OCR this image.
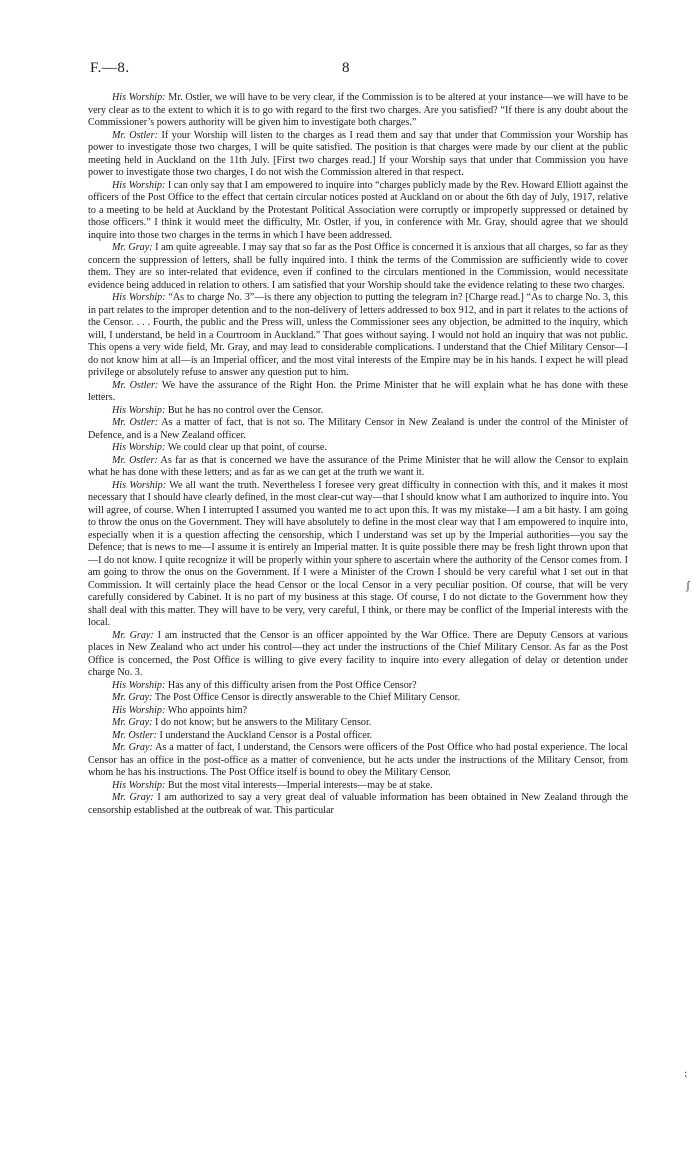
F.—8.	8

His Worship: Mr. Ostler, we will have to be very clear, if the Commission is to be altered at your instance—we will have to be very clear as to the extent to which it is to go with regard to the first two charges. Are you satisfied? “If there is any doubt about the Commissioner’s powers authority will be given him to investigate both charges.”

Mr. Ostler: If your Worship will listen to the charges as I read them and say that under that Commission your Worship has power to investigate those two charges, I will be quite satisfied. The position is that charges were made by our client at the public meeting held in Auckland on the 11th July. [First two charges read.] If your Worship says that under that Commission you have power to investigate those two charges, I do not wish the Commission altered in that respect.

His Worship: I can only say that I am empowered to inquire into “charges publicly made by the Rev. Howard Elliott against the officers of the Post Office to the effect that certain circular notices posted at Auckland on or about the 6th day of July, 1917, relative to a meeting to be held at Auckland by the Protestant Political Association were corruptly or improperly suppressed or detained by those officers.” I think it would meet the difficulty, Mr. Ostler, if you, in conference with Mr. Gray, should agree that we should inquire into those two charges in the terms in which I have been addressed.

Mr. Gray: I am quite agreeable. I may say that so far as the Post Office is concerned it is anxious that all charges, so far as they concern the suppression of letters, shall be fully inquired into. I think the terms of the Commission are sufficiently wide to cover them. They are so inter-related that evidence, even if confined to the circulars mentioned in the Commission, would necessitate evidence being adduced in relation to others. I am satisfied that your Worship should take the evidence relating to these two charges.

His Worship: “As to charge No. 3”—is there any objection to putting the telegram in? [Charge read.] “As to charge No. 3, this in part relates to the improper detention and to the non-delivery of letters addressed to box 912, and in part it relates to the actions of the Censor. . . . Fourth, the public and the Press will, unless the Commissioner sees any objection, be admitted to the inquiry, which will, I understand, be held in a Courtroom in Auckland.” That goes without saying. I would not hold an inquiry that was not public. This opens a very wide field, Mr. Gray, and may lead to considerable complications. I understand that the Chief Military Censor—I do not know him at all—is an Imperial officer, and the most vital interests of the Empire may be in his hands. I expect he will plead privilege or absolutely refuse to answer any question put to him.

Mr. Ostler: We have the assurance of the Right Hon. the Prime Minister that he will explain what he has done with these letters.

His Worship: But he has no control over the Censor.

Mr. Ostler: As a matter of fact, that is not so. The Military Censor in New Zealand is under the control of the Minister of Defence, and is a New Zealand officer.

His Worship: We could clear up that point, of course.

Mr. Ostler: As far as that is concerned we have the assurance of the Prime Minister that he will allow the Censor to explain what he has done with these letters; and as far as we can get at the truth we want it.

His Worship: We all want the truth. Nevertheless I foresee very great difficulty in connection with this, and it makes it most necessary that I should have clearly defined, in the most clear-cut way—that I should know what I am authorized to inquire into. You will agree, of course. When I interrupted I assumed you wanted me to act upon this. It was my mistake—I am a bit hasty. I am going to throw the onus on the Government. They will have absolutely to define in the most clear way that I am empowered to inquire into, especially when it is a question affecting the censorship, which I understand was set up by the Imperial authorities—you say the Defence; that is news to me—I assume it is entirely an Imperial matter. It is quite possible there may be fresh light thrown upon that—I do not know. I quite recognize it will be properly within your sphere to ascertain where the authority of the Censor comes from. I am going to throw the onus on the Government. If I were a Minister of the Crown I should be very careful what I set out in that Commission. It will certainly place the head Censor or the local Censor in a very peculiar position. Of course, that will be very carefully considered by Cabinet. It is no part of my business at this stage. Of course, I do not dictate to the Government how they shall deal with this matter. They will have to be very, very careful, I think, or there may be conflict of the Imperial interests with the local.

Mr. Gray: I am instructed that the Censor is an officer appointed by the War Office. There are Deputy Censors at various places in New Zealand who act under his control—they act under the instructions of the Chief Military Censor. As far as the Post Office is concerned, the Post Office is willing to give every facility to inquire into every allegation of delay or detention under charge No. 3.

His Worship: Has any of this difficulty arisen from the Post Office Censor?

Mr. Gray: The Post Office Censor is directly answerable to the Chief Military Censor.

His Worship: Who appoints him?

Mr. Gray: I do not know; but he answers to the Military Censor.

Mr. Ostler: I understand the Auckland Censor is a Postal officer.

Mr. Gray: As a matter of fact, I understand, the Censors were officers of the Post Office who had postal experience. The local Censor has an office in the post-office as a matter of convenience, but he acts under the instructions of the Military Censor, from whom he has his instructions. The Post Office itself is bound to obey the Military Censor.

His Worship: But the most vital interests—Imperial interests—may be at stake.

Mr. Gray: I am authorized to say a very great deal of valuable information has been obtained in New Zealand through the censorship established at the outbreak of war. This particular

ʃ
⁏
